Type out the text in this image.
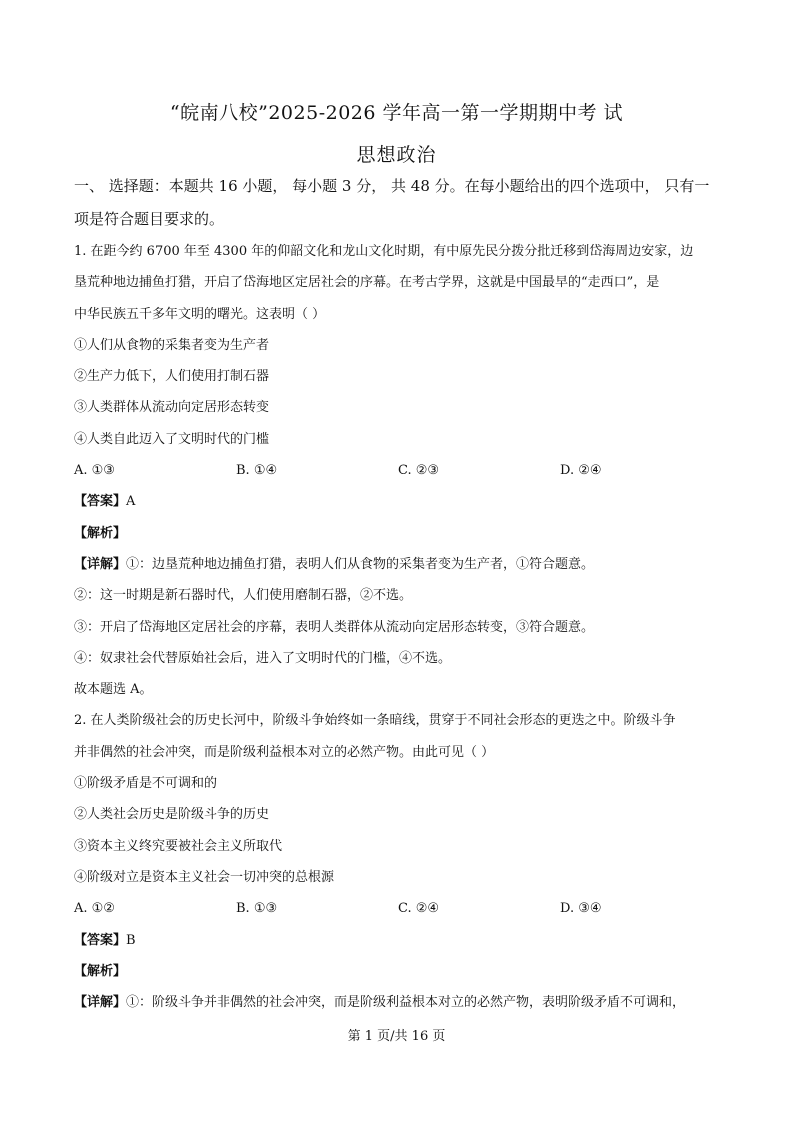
“皖南八校”2025-2026 学年高一第一学期期中考 试
思想政治
一、 选择题：本题共 16 小题， 每小题 3 分， 共 48 分。在每小题给出的四个选项中， 只有一
项是符合题目要求的。
1. 在距今约 6700 年至 4300 年的仰韶文化和龙山文化时期，有中原先民分拨分批迁移到岱海周边安家，边
垦荒种地边捕鱼打猎，开启了岱海地区定居社会的序幕。在考古学界，这就是中国最早的“走西口”，是
中华民族五千多年文明的曙光。这表明（ ）
①人们从食物的采集者变为生产者
②生产力低下，人们使用打制石器
③人类群体从流动向定居形态转变
④人类自此迈入了文明时代的门槛
A. ①③	B. ①④	C. ②③	D. ②④
【答案】A
【解析】
【详解】①：边垦荒种地边捕鱼打猎，表明人们从食物的采集者变为生产者，①符合题意。
②：这一时期是新石器时代，人们使用磨制石器，②不选。
③：开启了岱海地区定居社会的序幕，表明人类群体从流动向定居形态转变，③符合题意。
④：奴隶社会代替原始社会后，进入了文明时代的门槛，④不选。
故本题选 A。
2. 在人类阶级社会的历史长河中，阶级斗争始终如一条暗线，贯穿于不同社会形态的更迭之中。阶级斗争
并非偶然的社会冲突，而是阶级利益根本对立的必然产物。由此可见（ ）
①阶级矛盾是不可调和的
②人类社会历史是阶级斗争的历史
③资本主义终究要被社会主义所取代
④阶级对立是资本主义社会一切冲突的总根源
A. ①②	B. ①③	C. ②④	D. ③④
【答案】B
【解析】
【详解】①：阶级斗争并非偶然的社会冲突，而是阶级利益根本对立的必然产物，表明阶级矛盾不可调和，
第 1 页/共 16 页
